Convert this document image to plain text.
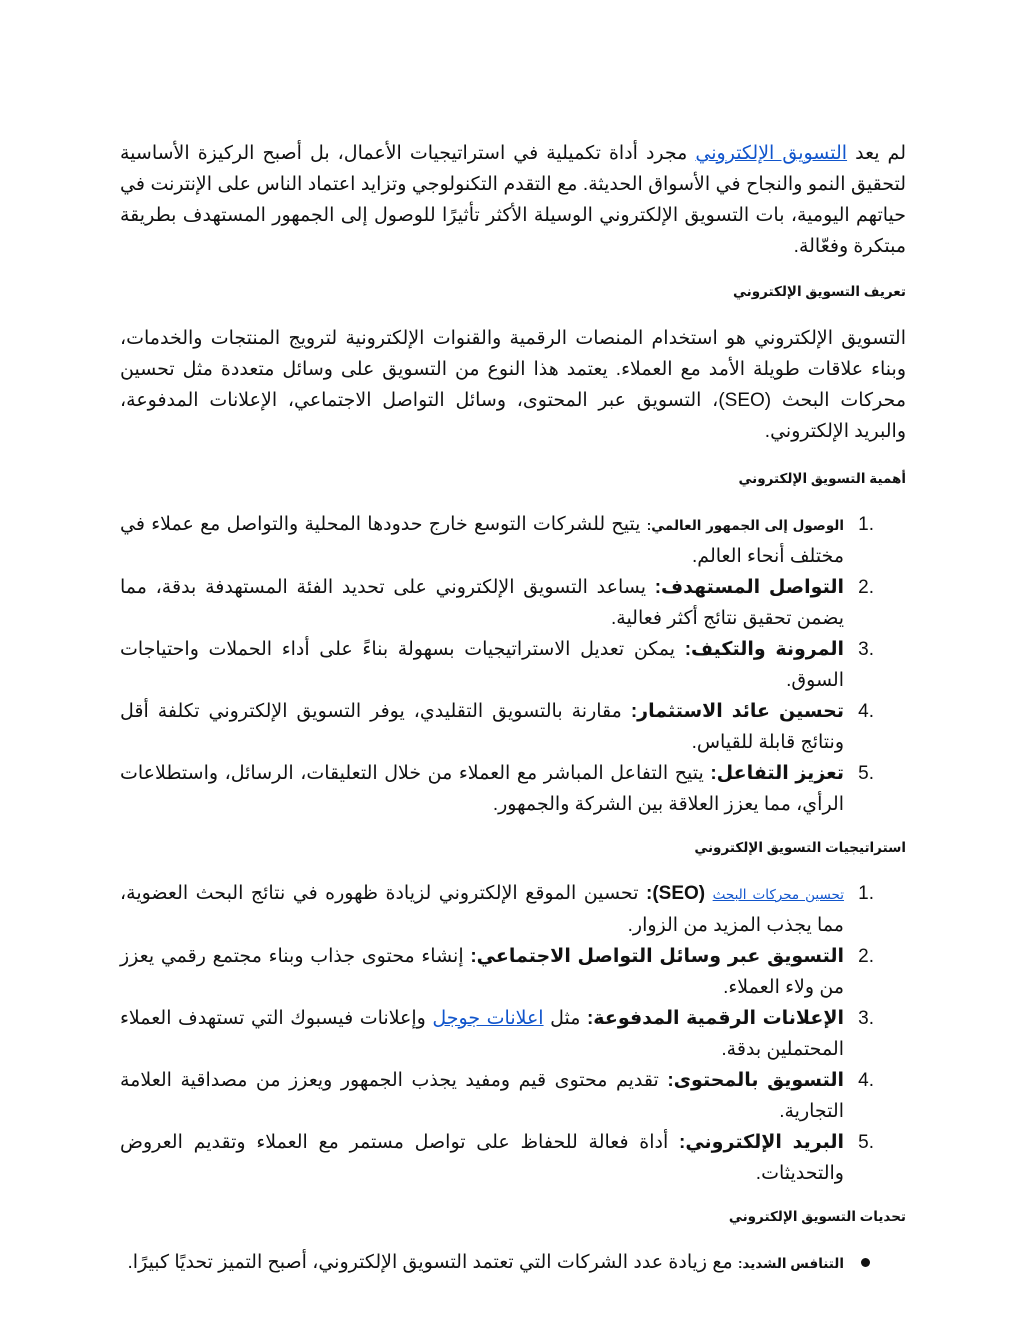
لم يعد التسويق الإلكتروني مجرد أداة تكميلية في استراتيجيات الأعمال، بل أصبح الركيزة الأساسية لتحقيق النمو والنجاح في الأسواق الحديثة. مع التقدم التكنولوجي وتزايد اعتماد الناس على الإنترنت في حياتهم اليومية، بات التسويق الإلكتروني الوسيلة الأكثر تأثيرًا للوصول إلى الجمهور المستهدف بطريقة مبتكرة وفعّالة.

تعريف التسويق الإلكتروني

التسويق الإلكتروني هو استخدام المنصات الرقمية والقنوات الإلكترونية لترويج المنتجات والخدمات، وبناء علاقات طويلة الأمد مع العملاء. يعتمد هذا النوع من التسويق على وسائل متعددة مثل تحسين محركات البحث (SEO)، التسويق عبر المحتوى، وسائل التواصل الاجتماعي، الإعلانات المدفوعة، والبريد الإلكتروني.

أهمية التسويق الإلكتروني
1.
الوصول إلى الجمهور العالمي: يتيح للشركات التوسع خارج حدودها المحلية والتواصل مع عملاء في مختلف أنحاء العالم.
2.
التواصل المستهدف: يساعد التسويق الإلكتروني على تحديد الفئة المستهدفة بدقة، مما يضمن تحقيق نتائج أكثر فعالية.
3.
المرونة والتكيف: يمكن تعديل الاستراتيجيات بسهولة بناءً على أداء الحملات واحتياجات السوق.
4.
تحسين عائد الاستثمار: مقارنة بالتسويق التقليدي، يوفر التسويق الإلكتروني تكلفة أقل ونتائج قابلة للقياس.
5.
تعزيز التفاعل: يتيح التفاعل المباشر مع العملاء من خلال التعليقات، الرسائل، واستطلاعات الرأي، مما يعزز العلاقة بين الشركة والجمهور.
استراتيجيات التسويق الإلكتروني
1.
تحسين محركات البحث (SEO): تحسين الموقع الإلكتروني لزيادة ظهوره في نتائج البحث العضوية، مما يجذب المزيد من الزوار.
2.
التسويق عبر وسائل التواصل الاجتماعي: إنشاء محتوى جذاب وبناء مجتمع رقمي يعزز من ولاء العملاء.
3.
الإعلانات الرقمية المدفوعة: مثل اعلانات جوجل وإعلانات فيسبوك التي تستهدف العملاء المحتملين بدقة.
4.
التسويق بالمحتوى: تقديم محتوى قيم ومفيد يجذب الجمهور ويعزز من مصداقية العلامة التجارية.
5.
البريد الإلكتروني: أداة فعالة للحفاظ على تواصل مستمر مع العملاء وتقديم العروض والتحديثات.
تحديات التسويق الإلكتروني
التنافس الشديد: مع زيادة عدد الشركات التي تعتمد التسويق الإلكتروني، أصبح التميز تحديًا كبيرًا.
